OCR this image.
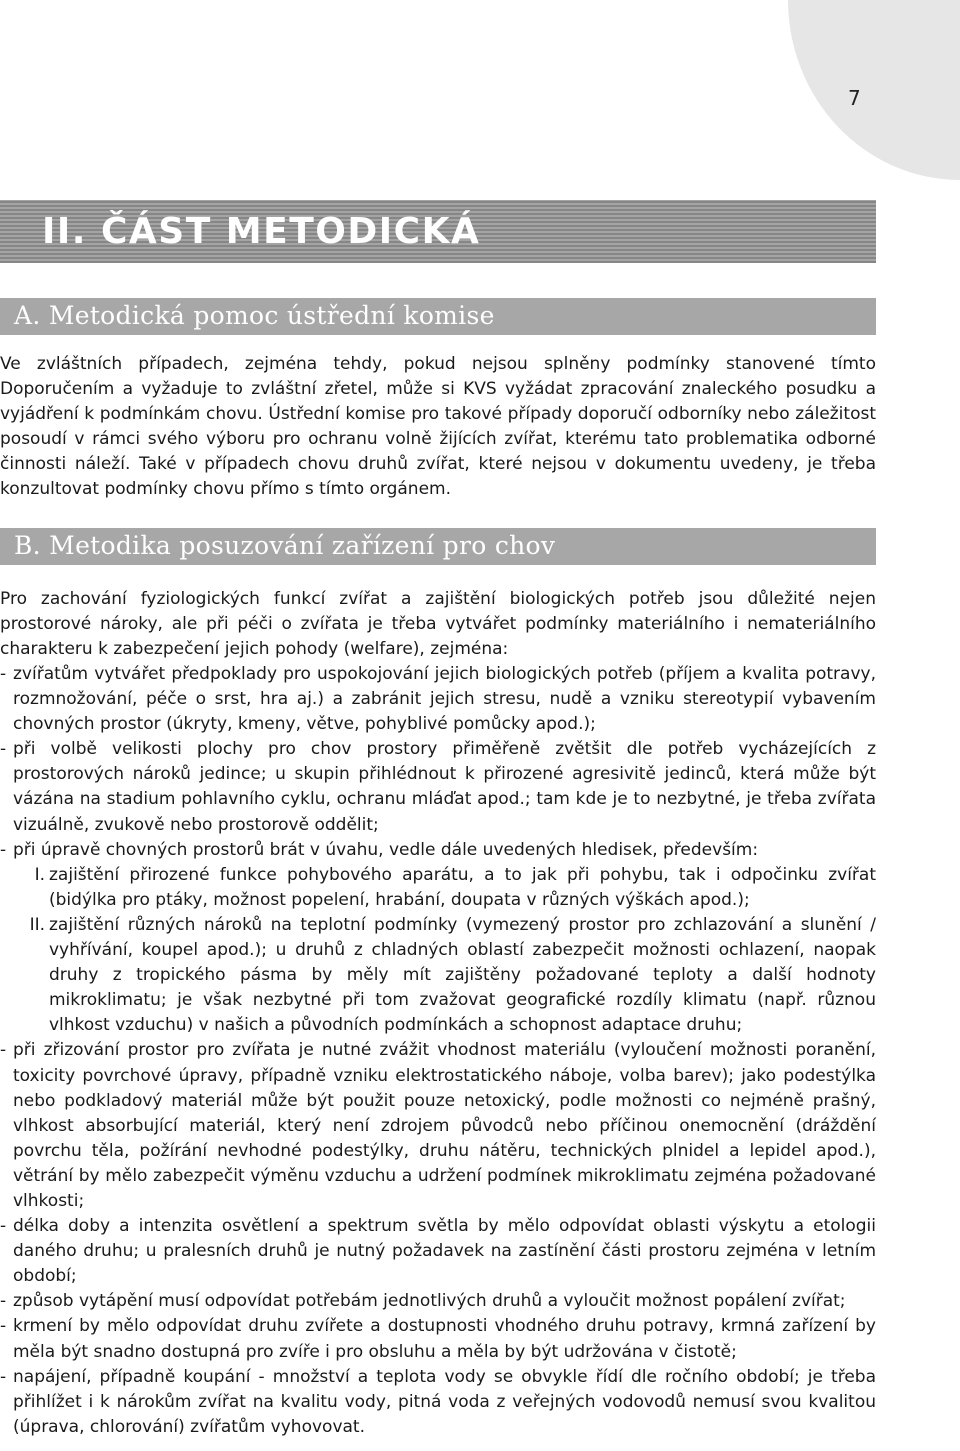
7
II. ČÁST METODICKÁ
A. Metodická pomoc ústřední komise

Ve zvláštních případech, zejména tehdy, pokud nejsou splněny podmínky stanovené tímto Doporučením a vyžaduje to zvláštní zřetel, může si KVS vyžádat zpracování znaleckého posudku a vyjádření k podmínkám chovu. Ústřední komise pro takové případy doporučí odborníky nebo záležitost posoudí v rámci svého výboru pro ochranu volně žijících zvířat, kterému tato problematika odborné činnosti náleží. Také v případech chovu druhů zvířat, které nejsou v dokumentu uvedeny, je třeba konzultovat podmínky chovu přímo s tímto orgánem.

B. Metodika posuzování zařízení pro chov

Pro zachování fyziologických funkcí zvířat a zajištění biologických potřeb jsou důležité nejen prostorové nároky, ale při péči o zvířata je třeba vytvářet podmínky materiálního i nemateriálního charakteru k zabezpečení jejich pohody (welfare), zejména:

- zvířatům vytvářet předpoklady pro uspokojování jejich biologických potřeb (příjem a kvalita potravy, rozmnožování, péče o srst, hra aj.) a zabránit jejich stresu, nudě a vzniku stereotypií vybavením chovných prostor (úkryty, kmeny, větve, pohyblivé pomůcky apod.);
- při volbě velikosti plochy pro chov prostory přiměřeně zvětšit dle potřeb vycházejících z prostorových nároků jedince; u skupin přihlédnout k přirozené agresivitě jedinců, která může být vázána na stadium pohlavního cyklu, ochranu mláďat apod.; tam kde je to nezbytné, je třeba zvířata vizuálně, zvukově nebo prostorově oddělit;
- při úpravě chovných prostorů brát v úvahu, vedle dále uvedených hledisek, především:
I. zajištění přirozené funkce pohybového aparátu, a to jak při pohybu, tak i odpočinku zvířat (bidýlka pro ptáky, možnost popelení, hrabání, doupata v různých výškách apod.);
II. zajištění různých nároků na teplotní podmínky (vymezený prostor pro zchlazování a slunění / vyhřívání, koupel apod.); u druhů z chladných oblastí zabezpečit možnosti ochlazení, naopak druhy z tropického pásma by měly mít zajištěny požadované teploty a další hodnoty mikroklimatu; je však nezbytné při tom zvažovat geografické rozdíly klimatu (např. různou vlhkost vzduchu) v našich a původních podmínkách a schopnost adaptace druhu;
- při zřizování prostor pro zvířata je nutné zvážit vhodnost materiálu (vyloučení možnosti poranění, toxicity povrchové úpravy, případně vzniku elektrostatického náboje, volba barev); jako podestýlka nebo podkladový materiál může být použit pouze netoxický, podle možnosti co nejméně prašný, vlhkost absorbující materiál, který není zdrojem původců nebo příčinou onemocnění (dráždění povrchu těla, požírání nevhodné podestýlky, druhu nátěru, technických plnidel a lepidel apod.), větrání by mělo zabezpečit výměnu vzduchu a udržení podmínek mikroklimatu zejména požadované vlhkosti;
- délka doby a intenzita osvětlení a spektrum světla by mělo odpovídat oblasti výskytu a etologii daného druhu; u pralesních druhů je nutný požadavek na zastínění části prostoru zejména v letním období;
- způsob vytápění musí odpovídat potřebám jednotlivých druhů a vyloučit možnost popálení zvířat;
- krmení by mělo odpovídat druhu zvířete a dostupnosti vhodného druhu potravy, krmná zařízení by měla být snadno dostupná pro zvíře i pro obsluhu a měla by být udržována v čistotě;
- napájení, případně koupání - množství a teplota vody se obvykle řídí dle ročního období; je třeba přihlížet i k nárokům zvířat na kvalitu vody, pitná voda z veřejných vodovodů nemusí svou kvalitou (úprava, chlorování) zvířatům vyhovovat.
